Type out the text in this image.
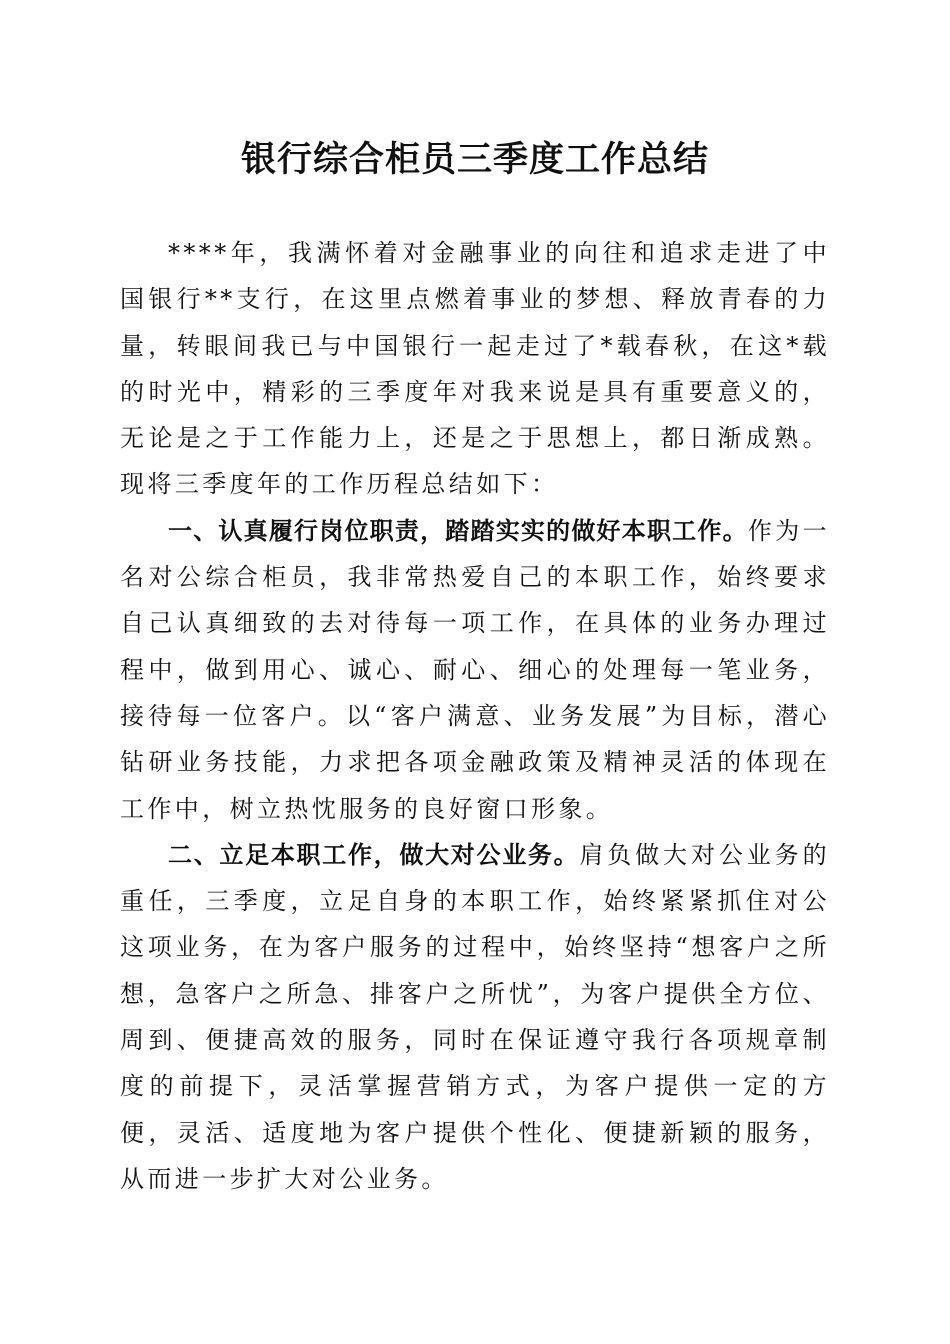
银行综合柜员三季度工作总结

****年，我满怀着对金融事业的向往和追求走进了中国银行**支行，在这里点燃着事业的梦想、释放青春的力量，转眼间我已与中国银行一起走过了*载春秋，在这*载的时光中，精彩的三季度年对我来说是具有重要意义的，无论是之于工作能力上，还是之于思想上，都日渐成熟。现将三季度年的工作历程总结如下：

一、认真履行岗位职责，踏踏实实的做好本职工作。作为一名对公综合柜员，我非常热爱自己的本职工作，始终要求自己认真细致的去对待每一项工作，在具体的业务办理过程中，做到用心、诚心、耐心、细心的处理每一笔业务，接待每一位客户。以“客户满意、业务发展”为目标，潜心钻研业务技能，力求把各项金融政策及精神灵活的体现在工作中，树立热忱服务的良好窗口形象。

二、立足本职工作，做大对公业务。肩负做大对公业务的重任，三季度，立足自身的本职工作，始终紧紧抓住对公这项业务，在为客户服务的过程中，始终坚持“想客户之所想，急客户之所急、排客户之所忧”，为客户提供全方位、周到、便捷高效的服务，同时在保证遵守我行各项规章制度的前提下，灵活掌握营销方式，为客户提供一定的方便，灵活、适度地为客户提供个性化、便捷新颖的服务，从而进一步扩大对公业务。
